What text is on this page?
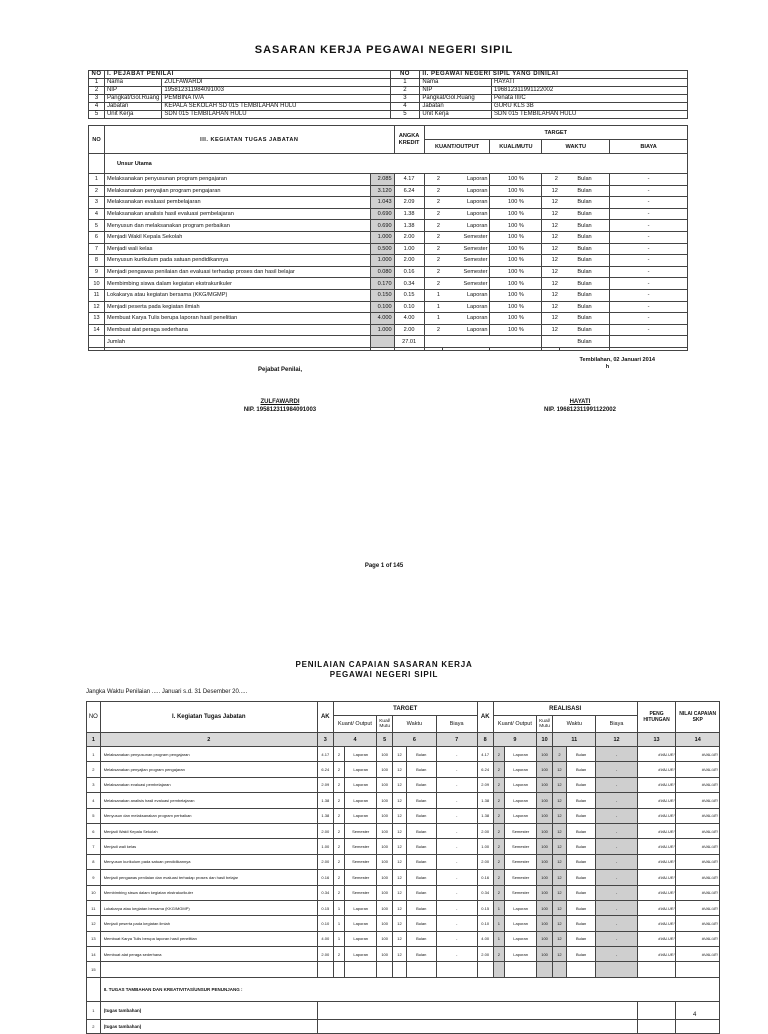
SASARAN KERJA PEGAWAI NEGERI SIPIL
NO	I. PEJABAT PENILAI		NO	II. PEGAWAI NEGERI SIPIL YANG DINILAI	
1	Nama	ZULFAWARDI	1	Nama	HAYATI
2	NIP	195812311984091003	2	NIP	196812311991122002
3	Pangkat/Gol.Ruang	PEMBINA IV/A	3	Pangkat/Gol.Ruang	Penata III/C
4	Jabatan	KEPALA SEKOLAH SD 015 TEMBILAHAN HULU	4	Jabatan	GURU KLS 3B
5	Unit Kerja	SDN 015 TEMBILAHAN HULU	5	Unit Kerja	SDN 015 TEMBILAHAN HULU
NO	III. KEGIATAN TUGAS JABATAN		ANGKA KREDIT	TARGET					
				KUANT/OUTPUT		KUAL/MUTU	WAKTU		BIAYA
	Unsur Utama								
1	Melaksanakan penyusunan program pengajaran	2.085	4.17	2	Laporan	100 %	2	Bulan	-
2	Melaksanakan penyajian program pengajaran	3.120	6.24	2	Laporan	100 %	12	Bulan	-
3	Melaksanakan evaluasi pembelajaran	1.043	2.09	2	Laporan	100 %	12	Bulan	-
4	Melaksanakan analisis hasil evaluasi pembelajaran	0.690	1.38	2	Laporan	100 %	12	Bulan	-
5	Menyusun dan melaksanakan program perbaikan	0.690	1.38	2	Laporan	100 %	12	Bulan	-
6	Menjadi Wakil Kepala Sekolah	1.000	2.00	2	Semester	100 %	12	Bulan	-
7	Menjadi wali kelas	0.500	1.00	2	Semester	100 %	12	Bulan	-
8	Menyusun kurikulum pada satuan pendidikannya	1.000	2.00	2	Semester	100 %	12	Bulan	-
9	Menjadi pengawas penilaian dan evaluasi terhadap proses dan hasil belajar	0.080	0.16	2	Semester	100 %	12	Bulan	-
10	Membimbing siswa dalam kegiatan ekstrakurikuler	0.170	0.34	2	Semester	100 %	12	Bulan	-
11	Lokakarya atau kegiatan bersama (KKG/MGMP)	0.150	0.15	1	Laporan	100 %	12	Bulan	-
12	Menjadi peserta pada kegiatan ilmiah	0.100	0.10	1	Laporan	100 %	12	Bulan	-
13	Membuat Karya Tulis berupa laporan hasil penelitian	4.000	4.00	1	Laporan	100 %	12	Bulan	-
14	Membuat alat peraga sederhana	1.000	2.00	2	Laporan	100 %	12	Bulan	-
	Jumlah		27.01					Bulan	

Tembilahan, 02 Januari 2014
h
Pejabat Penilai,
ZULFAWARDI
NIP. 195812311984091003
HAYATI
NIP. 196812311991122002
Page 1 of 145
PENILAIAN CAPAIAN SASARAN KERJA
PEGAWAI NEGERI SIPIL
Jangka Waktu Penilaian ..... Januari s.d. 31 Desember 20.....
NO	I. Kegiatan Tugas Jabatan	AK	TARGET						AK	REALISASI						PENG HITUNGAN	NILAI CAPAIAN SKP
			Kuant/ Output		Kual/ Mutu	Waktu		Biaya		Kuant/ Output		Kual/ Mutu	Waktu		Biaya		
1	2	3	4		5	6		7	8	9		10	11		12	13	14
1	Melaksanakan penyusunan program pengajaran	4.17	2	Laporan	100	12	Bulan	-	4.17	2	Laporan	100	2	Bulan	-	#VALUE!	#VALUE!
2	Melaksanakan penyajian program pengajaran	6.24	2	Laporan	100	12	Bulan	-	6.24	2	Laporan	100	12	Bulan	-	#VALUE!	#VALUE!
3	Melaksanakan evaluasi pembelajaran	2.09	2	Laporan	100	12	Bulan	-	2.09	2	Laporan	100	12	Bulan	-	#VALUE!	#VALUE!
4	Melaksanakan analisis hasil evaluasi pembelajaran	1.38	2	Laporan	100	12	Bulan	-	1.38	2	Laporan	100	12	Bulan	-	#VALUE!	#VALUE!
5	Menyusun dan melaksanakan program perbaikan	1.38	2	Laporan	100	12	Bulan	-	1.38	2	Laporan	100	12	Bulan	-	#VALUE!	#VALUE!
6	Menjadi Wakil Kepala Sekolah	2.00	2	Semester	100	12	Bulan	-	2.00	2	Semester	100	12	Bulan	-	#VALUE!	#VALUE!
7	Menjadi wali kelas	1.00	2	Semester	100	12	Bulan	-	1.00	2	Semester	100	12	Bulan	-	#VALUE!	#VALUE!
8	Menyusun kurikulum pada satuan pendidikannya	2.00	2	Semester	100	12	Bulan	-	2.00	2	Semester	100	12	Bulan	-	#VALUE!	#VALUE!
9	Menjadi pengawas penilaian dan evaluasi terhadap proses dan hasil belajar	0.16	2	Semester	100	12	Bulan	-	0.16	2	Semester	100	12	Bulan	-	#VALUE!	#VALUE!
10	Membimbing siswa dalam kegiatan ekstrakurikuler	0.34	2	Semester	100	12	Bulan	-	0.34	2	Semester	100	12	Bulan	-	#VALUE!	#VALUE!
11	Lokakarya atau kegiatan bersama (KKG/MGMP)	0.15	1	Laporan	100	12	Bulan	-	0.15	1	Laporan	100	12	Bulan	-	#VALUE!	#VALUE!
12	Menjadi peserta pada kegiatan ilmiah	0.10	1	Laporan	100	12	Bulan	-	0.10	1	Laporan	100	12	Bulan	-	#VALUE!	#VALUE!
13	Membuat Karya Tulis berupa laporan hasil penelitian	4.00	1	Laporan	100	12	Bulan	-	4.00	1	Laporan	100	12	Bulan	-	#VALUE!	#VALUE!
14	Membuat alat peraga sederhana	2.00	2	Laporan	100	12	Bulan	-	2.00	2	Laporan	100	12	Bulan	-	#VALUE!	#VALUE!
15																	
	II. TUGAS TAMBAHAN DAN KREATIVITAS/UNSUR PENUNJANG :																
1	(tugas tambahan)																
2	(tugas tambahan)																
4
